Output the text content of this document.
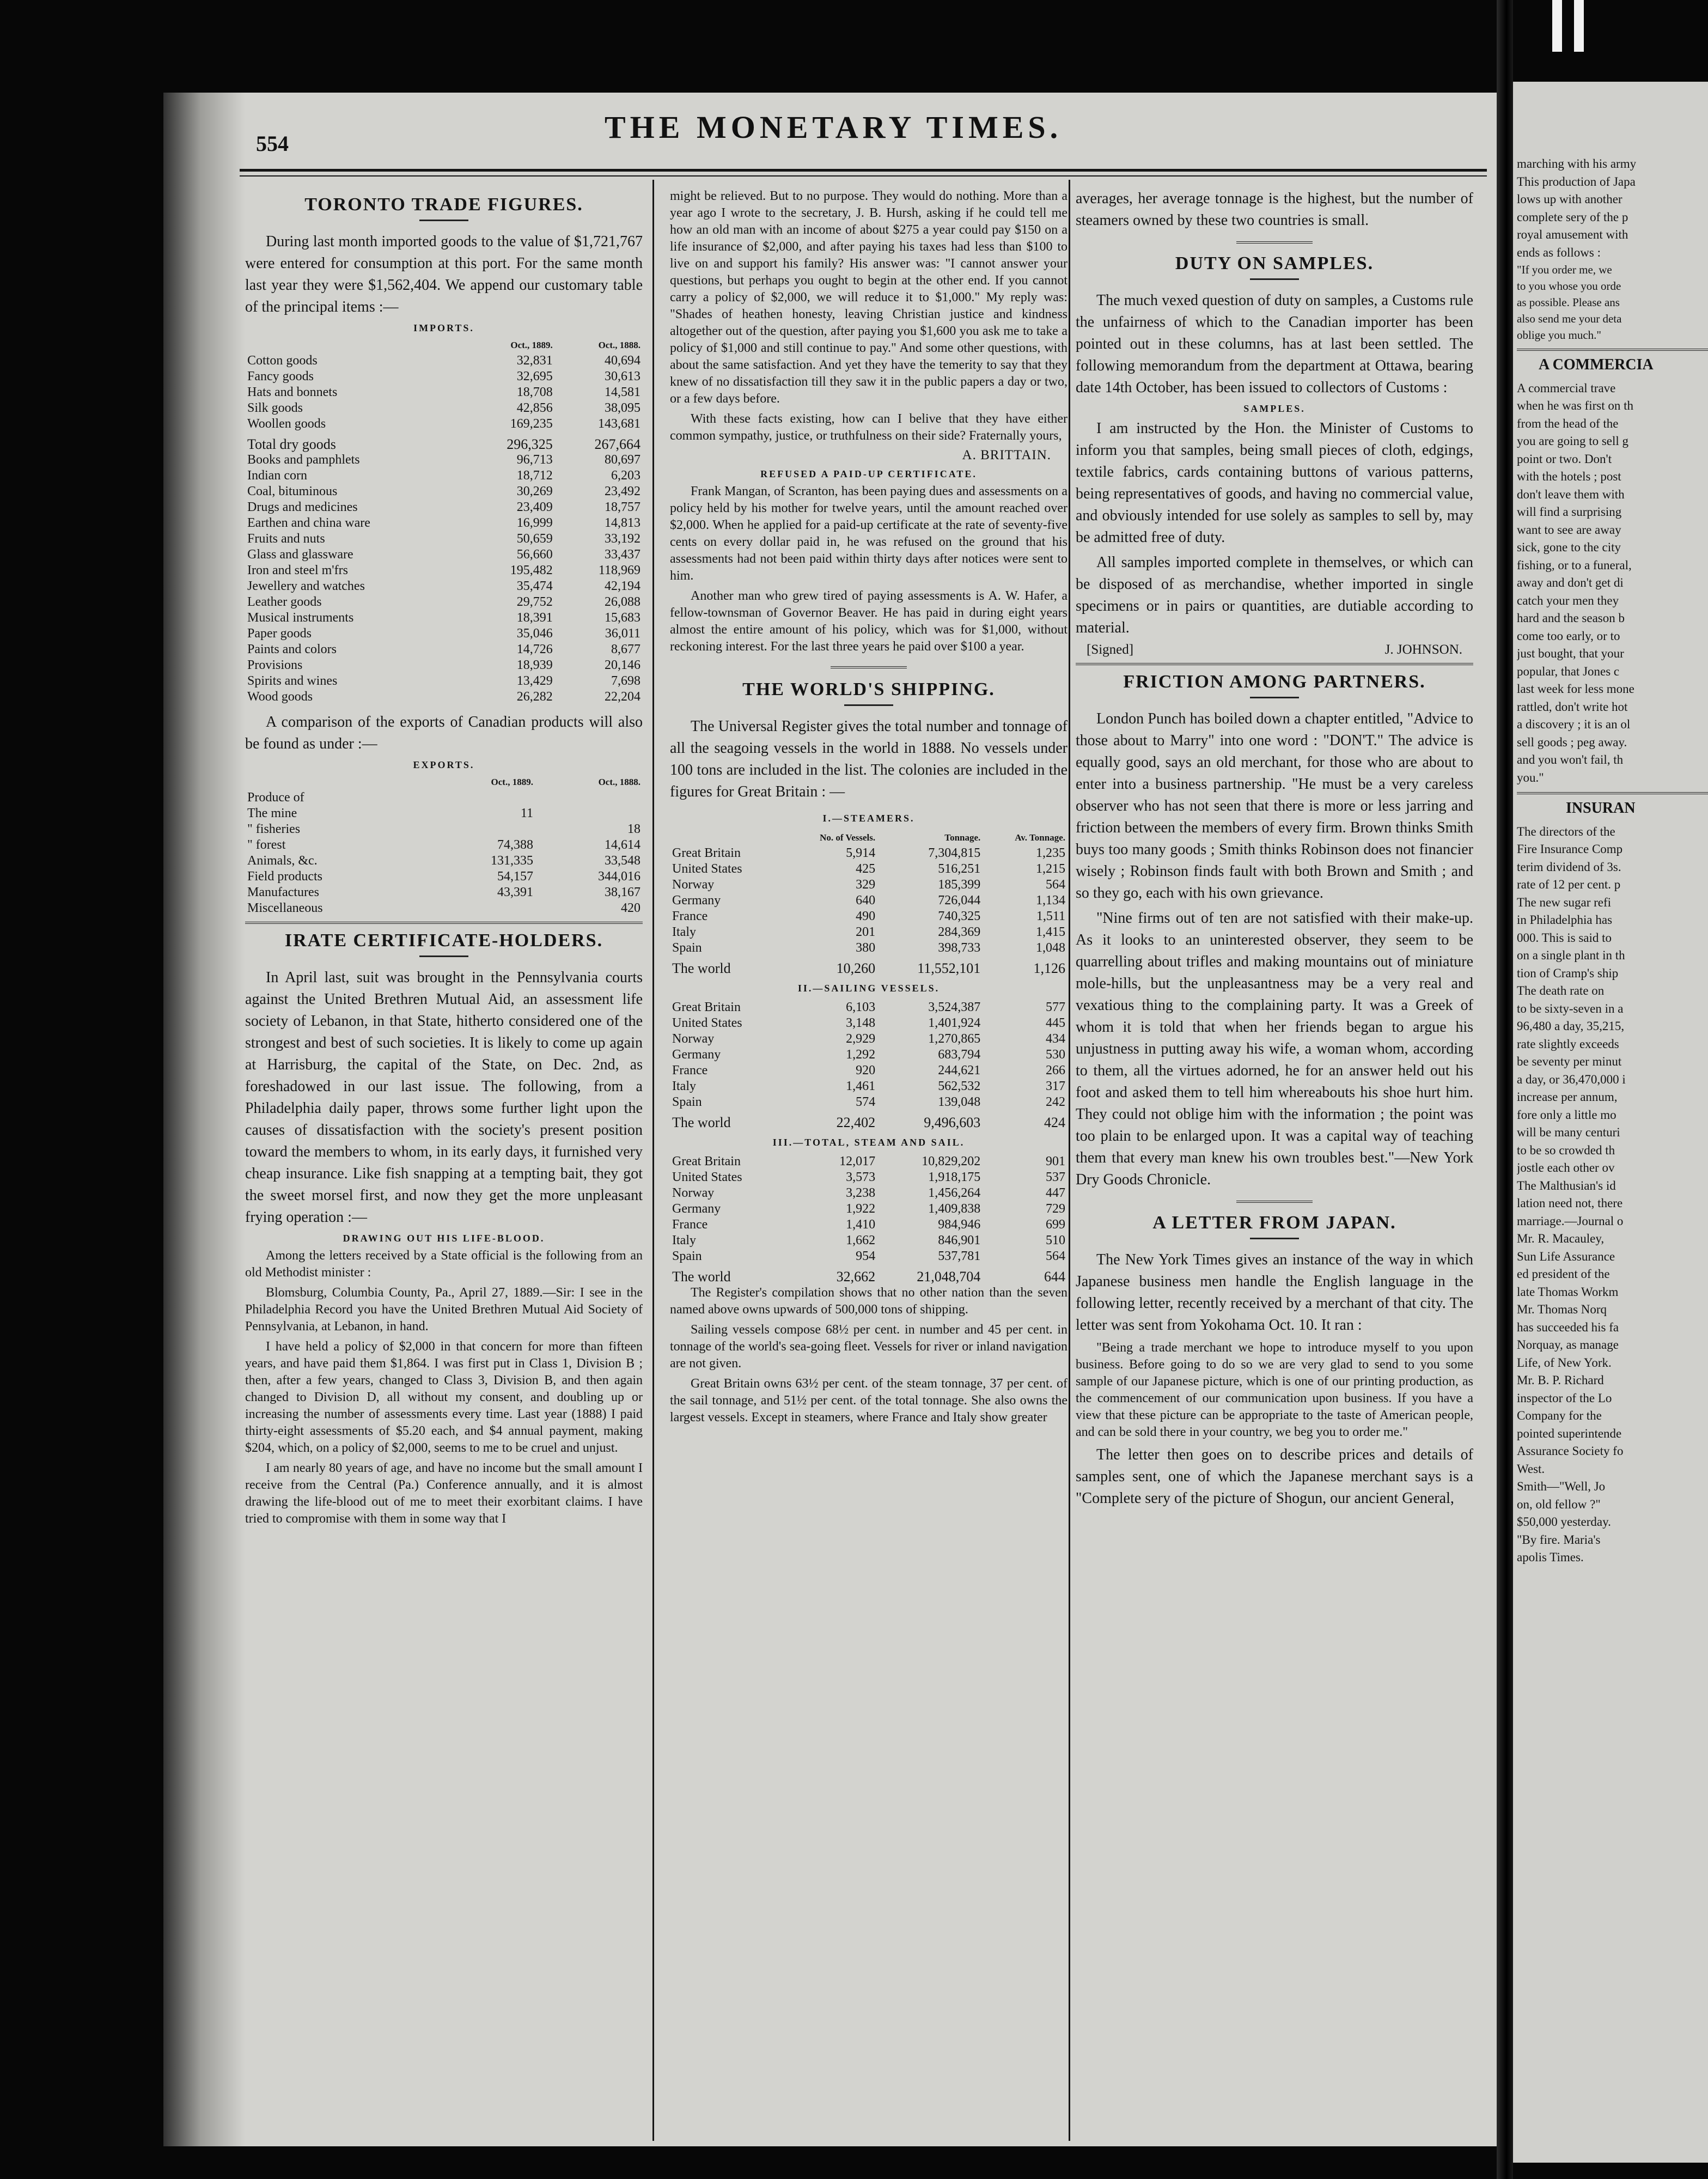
554	THE MONETARY TIMES.
TORONTO TRADE FIGURES.

During last month imported goods to the value of $1,721,767 were entered for consumption at this port. For the same month last year they were $1,562,404. We append our customary table of the principal items :—

IMPORTS.
	Oct., 1889.	Oct., 1888.
Cotton goods	32,831	40,694
Fancy goods	32,695	30,613
Hats and bonnets	18,708	14,581
Silk goods	42,856	38,095
Woollen goods	169,235	143,681
Total dry goods	296,325	267,664
Books and pamphlets	96,713	80,697
Indian corn	18,712	6,203
Coal, bituminous	30,269	23,492
Drugs and medicines	23,409	18,757
Earthen and china ware	16,999	14,813
Fruits and nuts	50,659	33,192
Glass and glassware	56,660	33,437
Iron and steel m'frs	195,482	118,969
Jewellery and watches	35,474	42,194
Leather goods	29,752	26,088
Musical instruments	18,391	15,683
Paper goods	35,046	36,011
Paints and colors	14,726	8,677
Provisions	18,939	20,146
Spirits and wines	13,429	7,698
Wood goods	26,282	22,204

A comparison of the exports of Canadian products will also be found as under :—

EXPORTS.
	Oct., 1889.	Oct., 1888.
Produce of		
The mine	11	
" fisheries		18
" forest	74,388	14,614
Animals, &c.	131,335	33,548
Field products	54,157	344,016
Manufactures	43,391	38,167
Miscellaneous		420
IRATE CERTIFICATE-HOLDERS.

In April last, suit was brought in the Pennsylvania courts against the United Brethren Mutual Aid, an assessment life society of Lebanon, in that State, hitherto considered one of the strongest and best of such societies. It is likely to come up again at Harrisburg, the capital of the State, on Dec. 2nd, as foreshadowed in our last issue. The following, from a Philadelphia daily paper, throws some further light upon the causes of dissatisfaction with the society's present position toward the members to whom, in its early days, it furnished very cheap insurance. Like fish snapping at a tempting bait, they got the sweet morsel first, and now they get the more unpleasant frying operation :—

DRAWING OUT HIS LIFE-BLOOD.

Among the letters received by a State official is the following from an old Methodist minister :

Blomsburg, Columbia County, Pa., April 27, 1889.—Sir: I see in the Philadelphia Record you have the United Brethren Mutual Aid Society of Pennsylvania, at Lebanon, in hand.

I have held a policy of $2,000 in that concern for more than fifteen years, and have paid them $1,864. I was first put in Class 1, Division B ; then, after a few years, changed to Class 3, Division B, and then again changed to Division D, all without my consent, and doubling up or increasing the number of assessments every time. Last year (1888) I paid thirty-eight assessments of $5.20 each, and $4 annual payment, making $204, which, on a policy of $2,000, seems to me to be cruel and unjust.

I am nearly 80 years of age, and have no income but the small amount I receive from the Central (Pa.) Conference annually, and it is almost drawing the life-blood out of me to meet their exorbitant claims. I have tried to compromise with them in some way that I

might be relieved. But to no purpose. They would do nothing. More than a year ago I wrote to the secretary, J. B. Hursh, asking if he could tell me how an old man with an income of about $275 a year could pay $150 on a life insurance of $2,000, and after paying his taxes had less than $100 to live on and support his family? His answer was: "I cannot answer your questions, but perhaps you ought to begin at the other end. If you cannot carry a policy of $2,000, we will reduce it to $1,000." My reply was: "Shades of heathen honesty, leaving Christian justice and kindness altogether out of the question, after paying you $1,600 you ask me to take a policy of $1,000 and still continue to pay." And some other questions, with about the same satisfaction. And yet they have the temerity to say that they knew of no dissatisfaction till they saw it in the public papers a day or two, or a few days before.

With these facts existing, how can I belive that they have either common sympathy, justice, or truthfulness on their side? Fraternally yours,

A. BRITTAIN.
REFUSED A PAID-UP CERTIFICATE.

Frank Mangan, of Scranton, has been paying dues and assessments on a policy held by his mother for twelve years, until the amount reached over $2,000. When he applied for a paid-up certificate at the rate of seventy-five cents on every dollar paid in, he was refused on the ground that his assessments had not been paid within thirty days after notices were sent to him.

Another man who grew tired of paying assessments is A. W. Hafer, a fellow-townsman of Governor Beaver. He has paid in during eight years almost the entire amount of his policy, which was for $1,000, without reckoning interest. For the last three years he paid over $100 a year.

THE WORLD'S SHIPPING.

The Universal Register gives the total number and tonnage of all the seagoing vessels in the world in 1888. No vessels under 100 tons are included in the list. The colonies are included in the figures for Great Britain : —

I.—STEAMERS.			

	No. of Vessels.	Tonnage.	Av. Tonnage.
Great Britain	5,914	7,304,815	1,235
United States	425	516,251	1,215
Norway	329	185,399	564
Germany	640	726,044	1,134
France	490	740,325	1,511
Italy	201	284,369	1,415
Spain	380	398,733	1,048
The world	10,260	11,552,101	1,126

II.—SAILING VESSELS.			

Great Britain	6,103	3,524,387	577
United States	3,148	1,401,924	445
Norway	2,929	1,270,865	434
Germany	1,292	683,794	530
France	920	244,621	266
Italy	1,461	562,532	317
Spain	574	139,048	242
The world	22,402	9,496,603	424

III.—TOTAL, STEAM AND SAIL.			

Great Britain	12,017	10,829,202	901
United States	3,573	1,918,175	537
Norway	3,238	1,456,264	447
Germany	1,922	1,409,838	729
France	1,410	984,946	699
Italy	1,662	846,901	510
Spain	954	537,781	564
The world	32,662	21,048,704	644

The Register's compilation shows that no other nation than the seven named above owns upwards of 500,000 tons of shipping.

Sailing vessels compose 68½ per cent. in number and 45 per cent. in tonnage of the world's sea-going fleet. Vessels for river or inland navigation are not given.

Great Britain owns 63½ per cent. of the steam tonnage, 37 per cent. of the sail tonnage, and 51½ per cent. of the total tonnage. She also owns the largest vessels. Except in steamers, where France and Italy show greater

averages, her average tonnage is the highest, but the number of steamers owned by these two countries is small.

DUTY ON SAMPLES.

The much vexed question of duty on samples, a Customs rule the unfairness of which to the Canadian importer has been pointed out in these columns, has at last been settled. The following memorandum from the department at Ottawa, bearing date 14th October, has been issued to collectors of Customs :

SAMPLES.

I am instructed by the Hon. the Minister of Customs to inform you that samples, being small pieces of cloth, edgings, textile fabrics, cards containing buttons of various patterns, being representatives of goods, and having no commercial value, and obviously intended for use solely as samples to sell by, may be admitted free of duty.

All samples imported complete in themselves, or which can be disposed of as merchandise, whether imported in single specimens or in pairs or quantities, are dutiable according to material.

[Signed]	J. JOHNSON.
FRICTION AMONG PARTNERS.

London Punch has boiled down a chapter entitled, "Advice to those about to Marry" into one word : "DON'T." The advice is equally good, says an old merchant, for those who are about to enter into a business partnership. "He must be a very careless observer who has not seen that there is more or less jarring and friction between the members of every firm. Brown thinks Smith buys too many goods ; Smith thinks Robinson does not financier wisely ; Robinson finds fault with both Brown and Smith ; and so they go, each with his own grievance.

"Nine firms out of ten are not satisfied with their make-up. As it looks to an uninterested observer, they seem to be quarrelling about trifles and making mountains out of miniature mole-hills, but the unpleasantness may be a very real and vexatious thing to the complaining party. It was a Greek of whom it is told that when her friends began to argue his unjustness in putting away his wife, a woman whom, according to them, all the virtues adorned, he for an answer held out his foot and asked them to tell him whereabouts his shoe hurt him. They could not oblige him with the information ; the point was too plain to be enlarged upon. It was a capital way of teaching them that every man knew his own troubles best."—New York Dry Goods Chronicle.

A LETTER FROM JAPAN.

The New York Times gives an instance of the way in which Japanese business men handle the English language in the following letter, recently received by a merchant of that city. The letter was sent from Yokohama Oct. 10. It ran :

"Being a trade merchant we hope to introduce myself to you upon business. Before going to do so we are very glad to send to you some sample of our Japanese picture, which is one of our printing production, as the commencement of our communication upon business. If you have a view that these picture can be appropriate to the taste of American people, and can be sold there in your country, we beg you to order me."

The letter then goes on to describe prices and details of samples sent, one of which the Japanese merchant says is a "Complete sery of the picture of Shogun, our ancient General,

marching with his army
This production of Japa
lows up with another
complete sery of the p
royal amusement with
ends as follows :
"If you order me, we
to you whose you orde
as possible. Please ans
also send me your deta
oblige you much."
A COMMERCIA
A commercial trave
when he was first on th
from the head of the
you are going to sell g
point or two. Don't
with the hotels ; post
don't leave them with
will find a surprising
want to see are away
sick, gone to the city
fishing, or to a funeral,
away and don't get di
catch your men they
hard and the season b
come too early, or to
just bought, that your
popular, that Jones c
last week for less mone
rattled, don't write hot
a discovery ; it is an ol
sell goods ; peg away.
and you won't fail, th
you."
INSURAN
The directors of the
Fire Insurance Comp
terim dividend of 3s.
rate of 12 per cent. p
The new sugar refi
in Philadelphia has
000. This is said to
on a single plant in th
tion of Cramp's ship
The death rate on
to be sixty-seven in a
96,480 a day, 35,215,
rate slightly exceeds
be seventy per minut
a day, or 36,470,000 i
increase per annum,
fore only a little mo
will be many centuri
to be so crowded th
jostle each other ov
The Malthusian's id
lation need not, there
marriage.—Journal o
Mr. R. Macauley,
Sun Life Assurance
ed president of the
late Thomas Workm
Mr. Thomas Norq
has succeeded his fa
Norquay, as manage
Life, of New York.
Mr. B. P. Richard
inspector of the Lo
Company for the
pointed superintende
Assurance Society fo
West.
Smith—"Well, Jo
on, old fellow ?"
$50,000 yesterday.
"By fire. Maria's
apolis Times.
